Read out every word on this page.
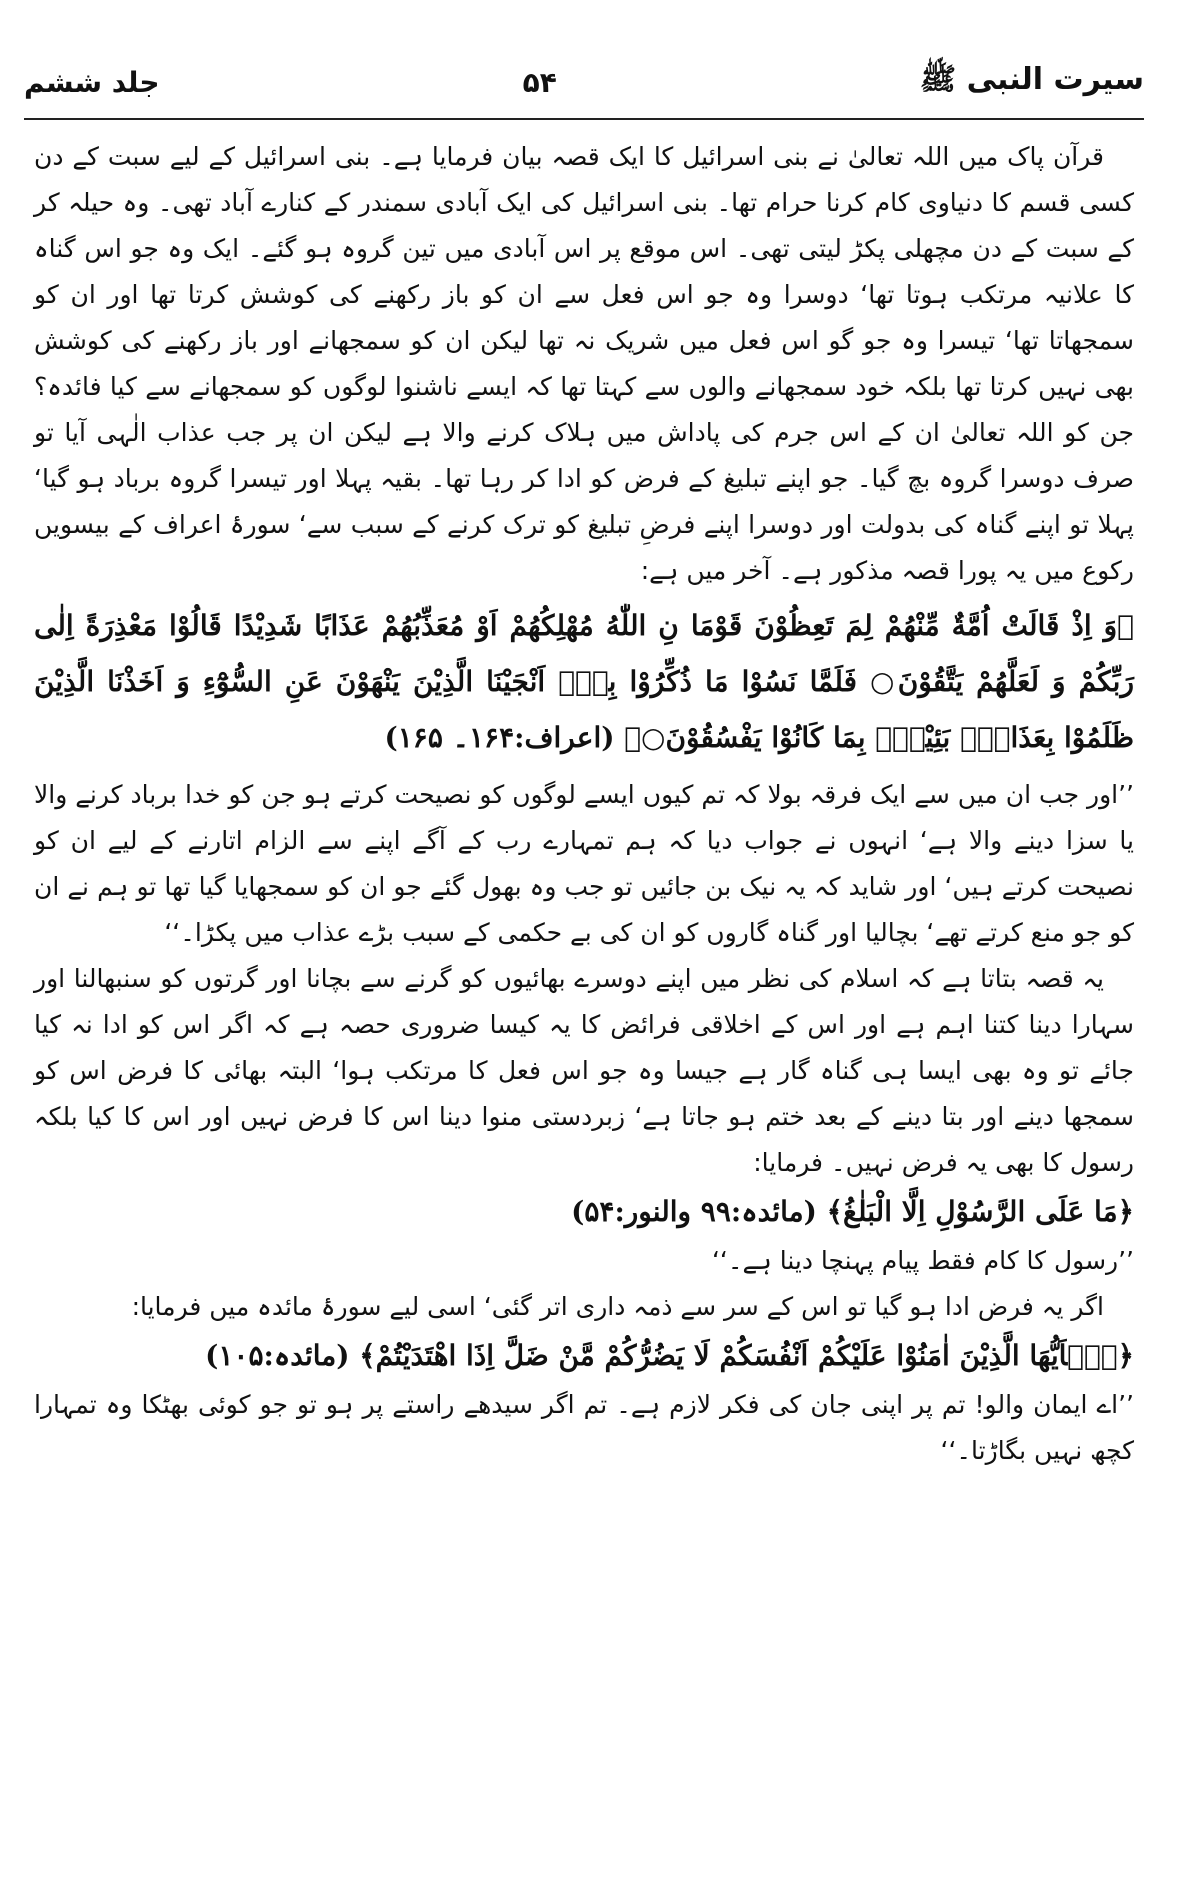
سیرت النبی ﷺ
۵۴
جلد ششم

قرآن پاک میں اللہ تعالیٰ نے بنی اسرائیل کا ایک قصہ بیان فرمایا ہے۔ بنی اسرائیل کے لیے سبت کے دن کسی قسم کا دنیاوی کام کرنا حرام تھا۔ بنی اسرائیل کی ایک آبادی سمندر کے کنارے آباد تھی۔ وہ حیلہ کر کے سبت کے دن مچھلی پکڑ لیتی تھی۔ اس موقع پر اس آبادی میں تین گروہ ہو گئے۔ ایک وہ جو اس گناہ کا علانیہ مرتکب ہوتا تھا‘ دوسرا وہ جو اس فعل سے ان کو باز رکھنے کی کوشش کرتا تھا اور ان کو سمجھاتا تھا‘ تیسرا وہ جو گو اس فعل میں شریک نہ تھا لیکن ان کو سمجھانے اور باز رکھنے کی کوشش بھی نہیں کرتا تھا بلکہ خود سمجھانے والوں سے کہتا تھا کہ ایسے ناشنوا لوگوں کو سمجھانے سے کیا فائدہ؟ جن کو اللہ تعالیٰ ان کے اس جرم کی پاداش میں ہلاک کرنے والا ہے لیکن ان پر جب عذاب الٰہی آیا تو صرف دوسرا گروہ بچ گیا۔ جو اپنے تبلیغ کے فرض کو ادا کر رہا تھا۔ بقیہ پہلا اور تیسرا گروہ برباد ہو گیا‘ پہلا تو اپنے گناہ کی بدولت اور دوسرا اپنے فرضِ تبلیغ کو ترک کرنے کے سبب سے‘ سورۂ اعراف کے بیسویں رکوع میں یہ پورا قصہ مذکور ہے۔ آخر میں ہے:

﴿وَ اِذْ قَالَتْ اُمَّةٌ مِّنْهُمْ لِمَ تَعِظُوْنَ قَوْمَا نِ اللّٰهُ مُهْلِكُهُمْ اَوْ مُعَذِّبُهُمْ عَذَابًا شَدِيْدًا قَالُوْا مَعْذِرَةً اِلٰى رَبِّكُمْ وَ لَعَلَّهُمْ يَتَّقُوْنَ○ فَلَمَّا نَسُوْا مَا ذُكِّرُوْا بِهٖۤ اَنْجَيْنَا الَّذِيْنَ يَنْهَوْنَ عَنِ السُّوْٓءِ وَ اَخَذْنَا الَّذِيْنَ ظَلَمُوْا بِعَذَابٍۭ بَئِيْسٍۭ بِمَا كَانُوْا يَفْسُقُوْنَ○﴾ (اعراف:۱۶۴۔ ۱۶۵)

’’اور جب ان میں سے ایک فرقہ بولا کہ تم کیوں ایسے لوگوں کو نصیحت کرتے ہو جن کو خدا برباد کرنے والا یا سزا دینے والا ہے‘ انہوں نے جواب دیا کہ ہم تمہارے رب کے آگے اپنے سے الزام اتارنے کے لیے ان کو نصیحت کرتے ہیں‘ اور شاید کہ یہ نیک بن جائیں تو جب وہ بھول گئے جو ان کو سمجھایا گیا تھا تو ہم نے ان کو جو منع کرتے تھے‘ بچالیا اور گناہ گاروں کو ان کی بے حکمی کے سبب بڑے عذاب میں پکڑا۔‘‘

یہ قصہ بتاتا ہے کہ اسلام کی نظر میں اپنے دوسرے بھائیوں کو گرنے سے بچانا اور گرتوں کو سنبھالنا اور سہارا دینا کتنا اہم ہے اور اس کے اخلاقی فرائض کا یہ کیسا ضروری حصہ ہے کہ اگر اس کو ادا نہ کیا جائے تو وہ بھی ایسا ہی گناہ گار ہے جیسا وہ جو اس فعل کا مرتکب ہوا‘ البتہ بھائی کا فرض اس کو سمجھا دینے اور بتا دینے کے بعد ختم ہو جاتا ہے‘ زبردستی منوا دینا اس کا فرض نہیں اور اس کا کیا بلکہ رسول کا بھی یہ فرض نہیں۔ فرمایا:

﴿مَا عَلَى الرَّسُوْلِ اِلَّا الْبَلٰغُ﴾ (مائدہ:۹۹ والنور:۵۴)

’’رسول کا کام فقط پیام پہنچا دینا ہے۔‘‘

اگر یہ فرض ادا ہو گیا تو اس کے سر سے ذمہ داری اتر گئی‘ اسی لیے سورۂ مائدہ میں فرمایا:

﴿يٰۤاَيُّهَا الَّذِيْنَ اٰمَنُوْا عَلَيْكُمْ اَنْفُسَكُمْ لَا يَضُرُّكُمْ مَّنْ ضَلَّ اِذَا اهْتَدَيْتُمْ﴾ (مائدہ:۱۰۵)

’’اے ایمان والو! تم پر اپنی جان کی فکر لازم ہے۔ تم اگر سیدھے راستے پر ہو تو جو کوئی بھٹکا وہ تمہارا کچھ نہیں بگاڑتا۔‘‘
